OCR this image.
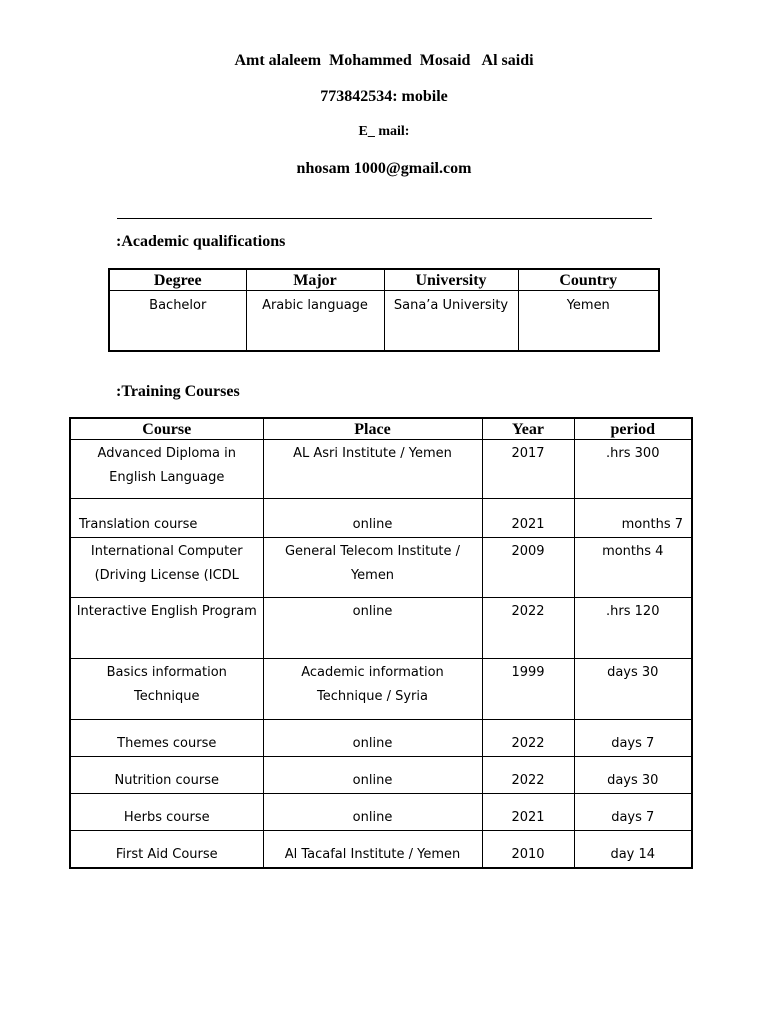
Amt alaleem  Mohammed  Mosaid   Al saidi
773842534: mobile
E_ mail:
nhosam 1000@gmail.com
:Academic qualifications
Degree	Major	University	Country
Bachelor	Arabic language	Sana’a University	Yemen
:Training Courses
Course	Place	Year	period
Advanced Diploma in English Language	AL Asri Institute / Yemen	2017	.hrs 300
Translation course	online	2021	months 7
International Computer (Driving License (ICDL	General Telecom Institute / Yemen	2009	months 4
Interactive English Program	online	2022	.hrs 120
Basics information Technique	Academic information Technique / Syria	1999	days 30
Themes course	online	2022	days 7
Nutrition course	online	2022	days 30
Herbs course	online	2021	days 7
First Aid Course	Al Tacafal Institute / Yemen	2010	day 14
